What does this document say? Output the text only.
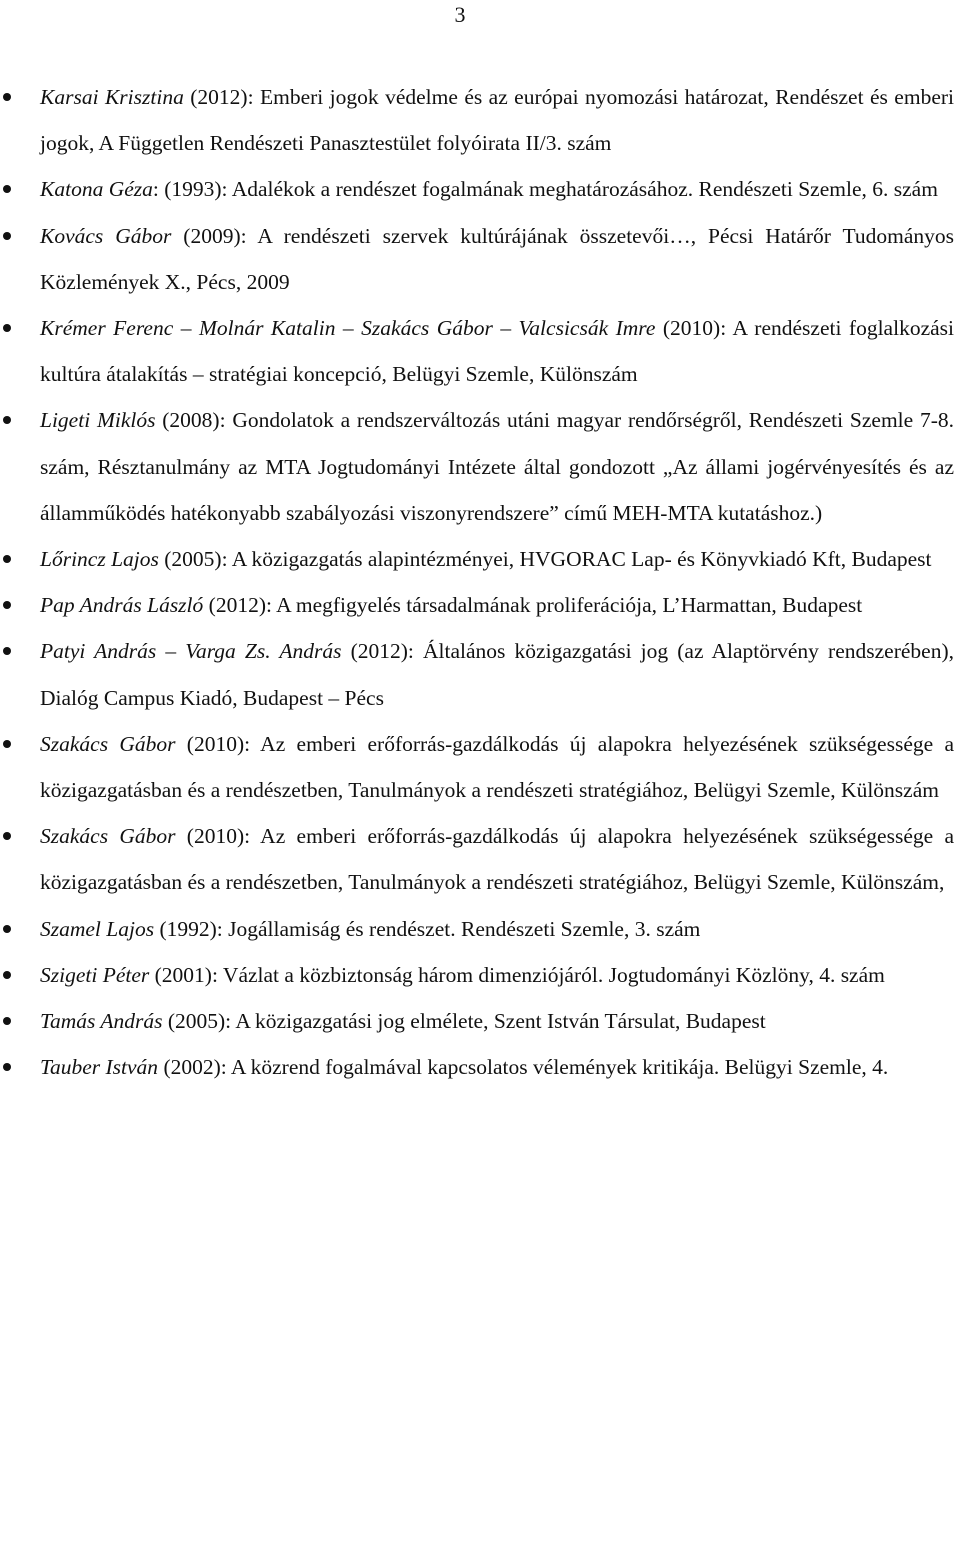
3
Karsai Krisztina (2012): Emberi jogok védelme és az európai nyomozási határozat, Rendészet és emberi jogok, A Független Rendészeti Panasztestület folyóirata II/3. szám
Katona Géza: (1993): Adalékok a rendészet fogalmának meghatározásához. Rendészeti Szemle, 6. szám
Kovács Gábor (2009): A rendészeti szervek kultúrájának összetevői…, Pécsi Határőr Tudományos Közlemények X., Pécs, 2009
Krémer Ferenc – Molnár Katalin – Szakács Gábor – Valcsicsák Imre (2010): A rendészeti foglalkozási kultúra átalakítás – stratégiai koncepció, Belügyi Szemle, Különszám
Ligeti Miklós (2008): Gondolatok a rendszerváltozás utáni magyar rendőrségről, Rendészeti Szemle 7-8. szám, Résztanulmány az MTA Jogtudományi Intézete által gondozott „Az állami jogérvényesítés és az államműködés hatékonyabb szabályozási viszonyrendszere” című MEH-MTA kutatáshoz.)
Lőrincz Lajos (2005): A közigazgatás alapintézményei, HVGORAC Lap- és Könyvkiadó Kft, Budapest
Pap András László (2012): A megfigyelés társadalmának proliferációja, L’Harmattan, Budapest
Patyi András – Varga Zs. András (2012): Általános közigazgatási jog (az Alaptörvény rendszerében), Dialóg Campus Kiadó, Budapest – Pécs
Szakács Gábor (2010): Az emberi erőforrás-gazdálkodás új alapokra helyezésének szükségessége a közigazgatásban és a rendészetben, Tanulmányok a rendészeti stratégiához, Belügyi Szemle, Különszám
Szakács Gábor (2010): Az emberi erőforrás-gazdálkodás új alapokra helyezésének szükségessége a közigazgatásban és a rendészetben, Tanulmányok a rendészeti stratégiához, Belügyi Szemle, Különszám,
Szamel Lajos (1992): Jogállamiság és rendészet. Rendészeti Szemle, 3. szám
Szigeti Péter (2001): Vázlat a közbiztonság három dimenziójáról. Jogtudományi Közlöny, 4. szám
Tamás András (2005): A közigazgatási jog elmélete, Szent István Társulat, Budapest
Tauber István (2002): A közrend fogalmával kapcsolatos vélemények kritikája. Belügyi Szemle, 4.
